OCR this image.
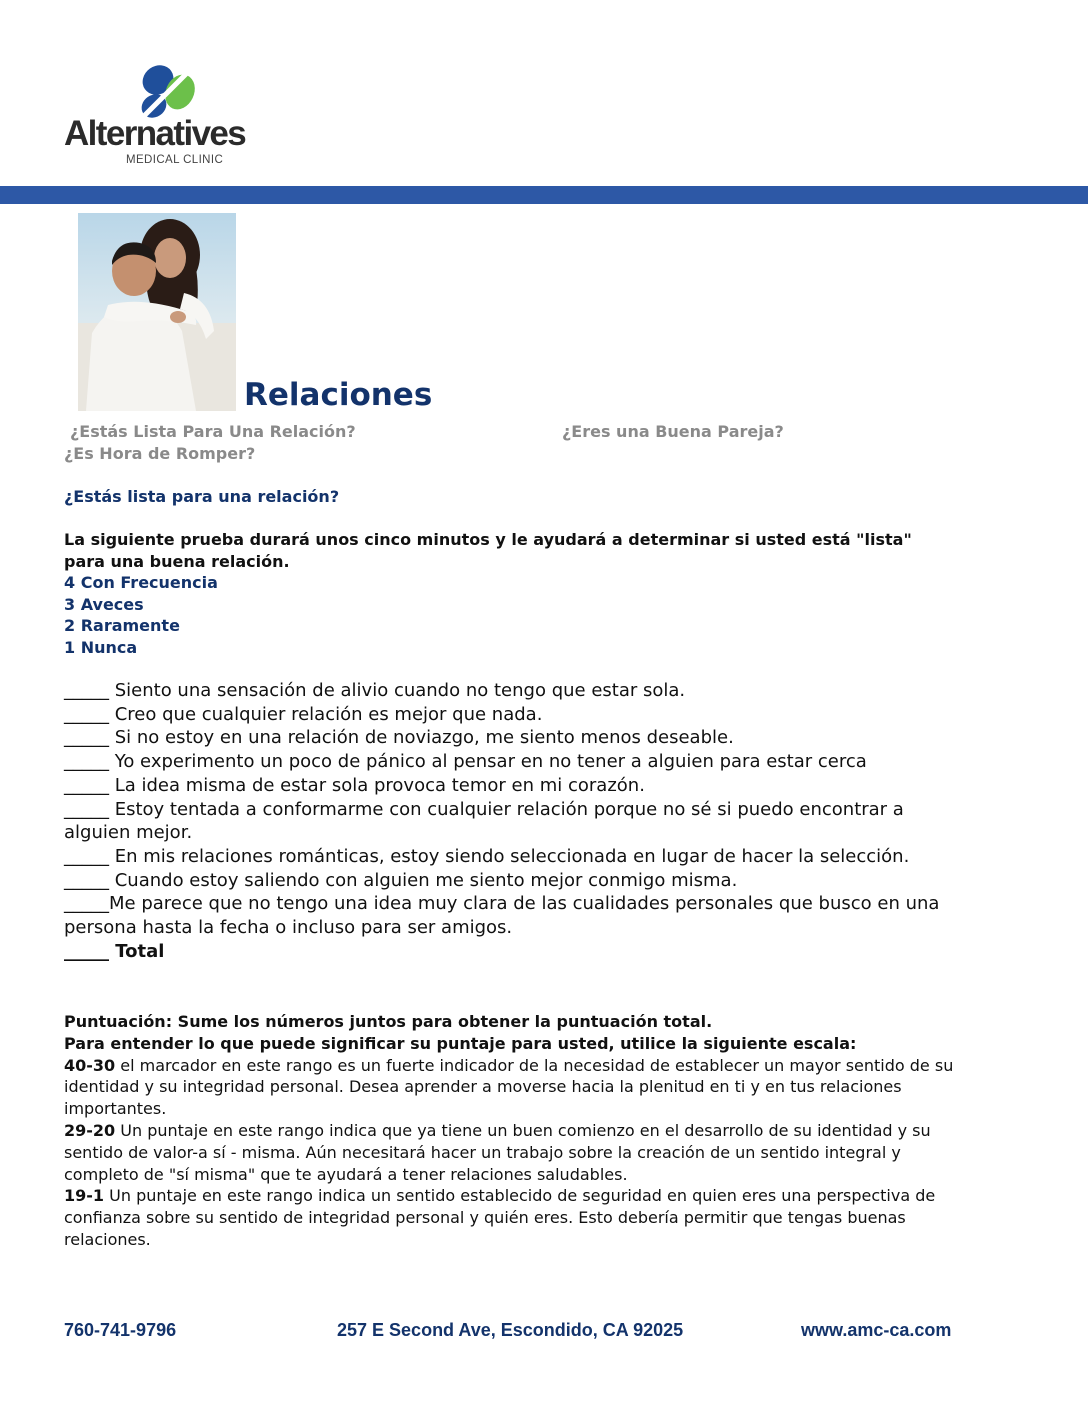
Alternatives
MEDICAL CLINIC
Relaciones
¿Estás Lista Para Una Relación?	¿Eres una Buena Pareja?
¿Es Hora de Romper?
¿Estás lista para una relación?
La siguiente prueba durará unos cinco minutos y le ayudará a determinar si usted está "lista" para una buena relación.
4 Con Frecuencia
3 Aveces
2 Raramente
1 Nunca

_____ Siento una sensación de alivio cuando no tengo que estar sola.

_____ Creo que cualquier relación es mejor que nada.

_____ Si no estoy en una relación de noviazgo, me siento menos deseable.

_____ Yo experimento un poco de pánico al pensar en no tener a alguien para estar cerca

_____ La idea misma de estar sola provoca temor en mi corazón.

_____ Estoy tentada a conformarme con cualquier relación porque no sé si puedo encontrar a alguien mejor.

_____ En mis relaciones románticas, estoy siendo seleccionada en lugar de hacer la selección.

_____ Cuando estoy saliendo con alguien me siento mejor conmigo misma.

_____Me parece que no tengo una idea muy clara de las cualidades personales que busco en una persona hasta la fecha o incluso para ser amigos.

_____ Total

Puntuación: Sume los números juntos para obtener la puntuación total.

Para entender lo que puede significar su puntaje para usted, utilice la siguiente escala:

40-30 el marcador en este rango es un fuerte indicador de la necesidad de establecer un mayor sentido de su identidad y su integridad personal. Desea aprender a moverse hacia la plenitud en ti y en tus relaciones importantes.

29-20 Un puntaje en este rango indica que ya tiene un buen comienzo en el desarrollo de su identidad y su sentido de valor-a sí - misma. Aún necesitará hacer un trabajo sobre la creación de un sentido integral y completo de "sí misma" que te ayudará a tener relaciones saludables.

19-1 Un puntaje en este rango indica un sentido establecido de seguridad en quien eres una perspectiva de confianza sobre su sentido de integridad personal y quién eres. Esto debería permitir que tengas buenas relaciones.

760-741-9796	257 E Second Ave, Escondido, CA 92025	www.amc-ca.com
